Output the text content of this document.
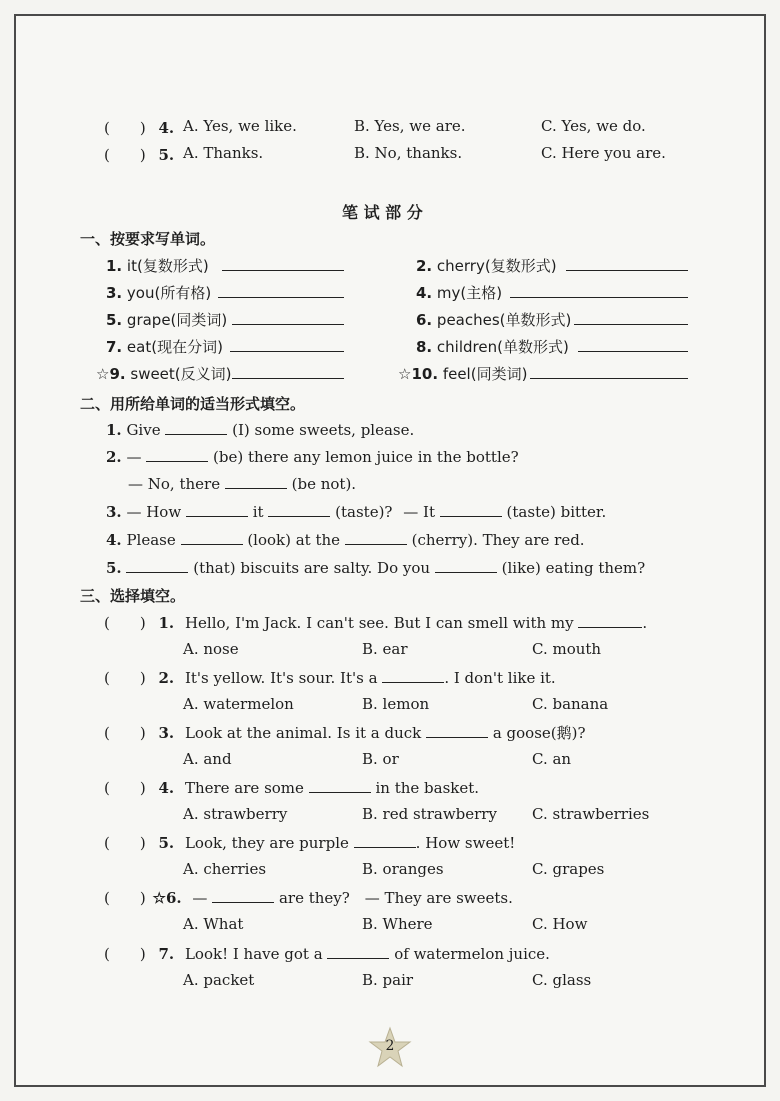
(　　) 4. A. Yes, we like.	B. Yes, we are.	C. Yes, we do.
(　　) 5. A. Thanks.	B. No, thanks.	C. Here you are.
笔 试 部 分
一、按要求写单词。
1. it(复数形式)	2. cherry(复数形式)
3. you(所有格)	4. my(主格)
5. grape(同类词)	6. peaches(单数形式)
7. eat(现在分词)	8. children(单数形式)
☆9. sweet(反义词)	☆10. feel(同类词)
二、用所给单词的适当形式填空。
1. Give	(I) some sweets, please.
2. —	(be) there any lemon juice in the bottle?
— No, there	(be not).
3. — How	it	(taste)? — It	(taste) bitter.
4. Please	(look) at the	(cherry). They are red.
5.	(that) biscuits are salty. Do you	(like) eating them?
三、选择填空。
(　　) 1. Hello, I'm Jack. I can't see. But I can smell with my	.
A. nose	B. ear	C. mouth
(　　) 2. It's yellow. It's sour. It's a	. I don't like it.
A. watermelon	B. lemon	C. banana
(　　) 3. Look at the animal. Is it a duck	a goose(鹅)?
A. and	B. or	C. an
(　　) 4. There are some	in the basket.
A. strawberry	B. red strawberry C. strawberries
(　　) 5. Look, they are purple	. How sweet!
A. cherries	B. oranges	C. grapes
(　　) ☆6. —	are they?　— They are sweets.
A. What	B. Where	C. How
(　　) 7. Look! I have got a	of watermelon juice.
A. packet	B. pair	C. glass
2
